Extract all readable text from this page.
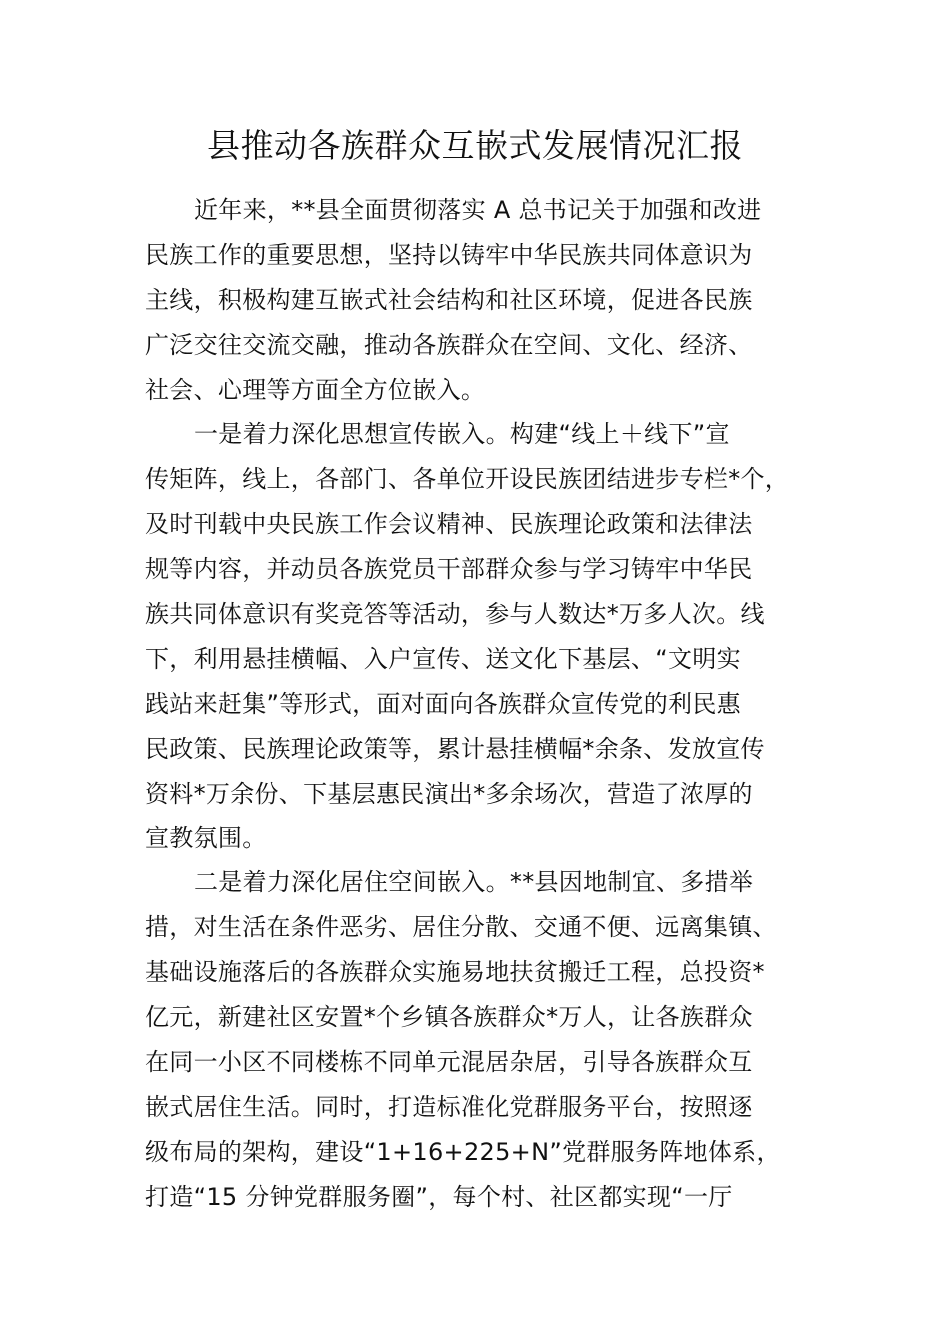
县推动各族群众互嵌式发展情况汇报
近年来，**县全面贯彻落实 A 总书记关于加强和改进
民族工作的重要思想，坚持以铸牢中华民族共同体意识为
主线，积极构建互嵌式社会结构和社区环境，促进各民族
广泛交往交流交融，推动各族群众在空间、文化、经济、
社会、心理等方面全方位嵌入。
一是着力深化思想宣传嵌入。构建“线上＋线下”宣
传矩阵，线上，各部门、各单位开设民族团结进步专栏*个，
及时刊载中央民族工作会议精神、民族理论政策和法律法
规等内容，并动员各族党员干部群众参与学习铸牢中华民
族共同体意识有奖竞答等活动，参与人数达*万多人次。线
下，利用悬挂横幅、入户宣传、送文化下基层、“文明实
践站来赶集”等形式，面对面向各族群众宣传党的利民惠
民政策、民族理论政策等，累计悬挂横幅*余条、发放宣传
资料*万余份、下基层惠民演出*多余场次，营造了浓厚的
宣教氛围。
二是着力深化居住空间嵌入。**县因地制宜、多措举
措，对生活在条件恶劣、居住分散、交通不便、远离集镇、
基础设施落后的各族群众实施易地扶贫搬迁工程，总投资*
亿元，新建社区安置*个乡镇各族群众*万人，让各族群众
在同一小区不同楼栋不同单元混居杂居，引导各族群众互
嵌式居住生活。同时，打造标准化党群服务平台，按照逐
级布局的架构，建设“1+16+225+N”党群服务阵地体系，
打造“15 分钟党群服务圈”，每个村、社区都实现“一厅
